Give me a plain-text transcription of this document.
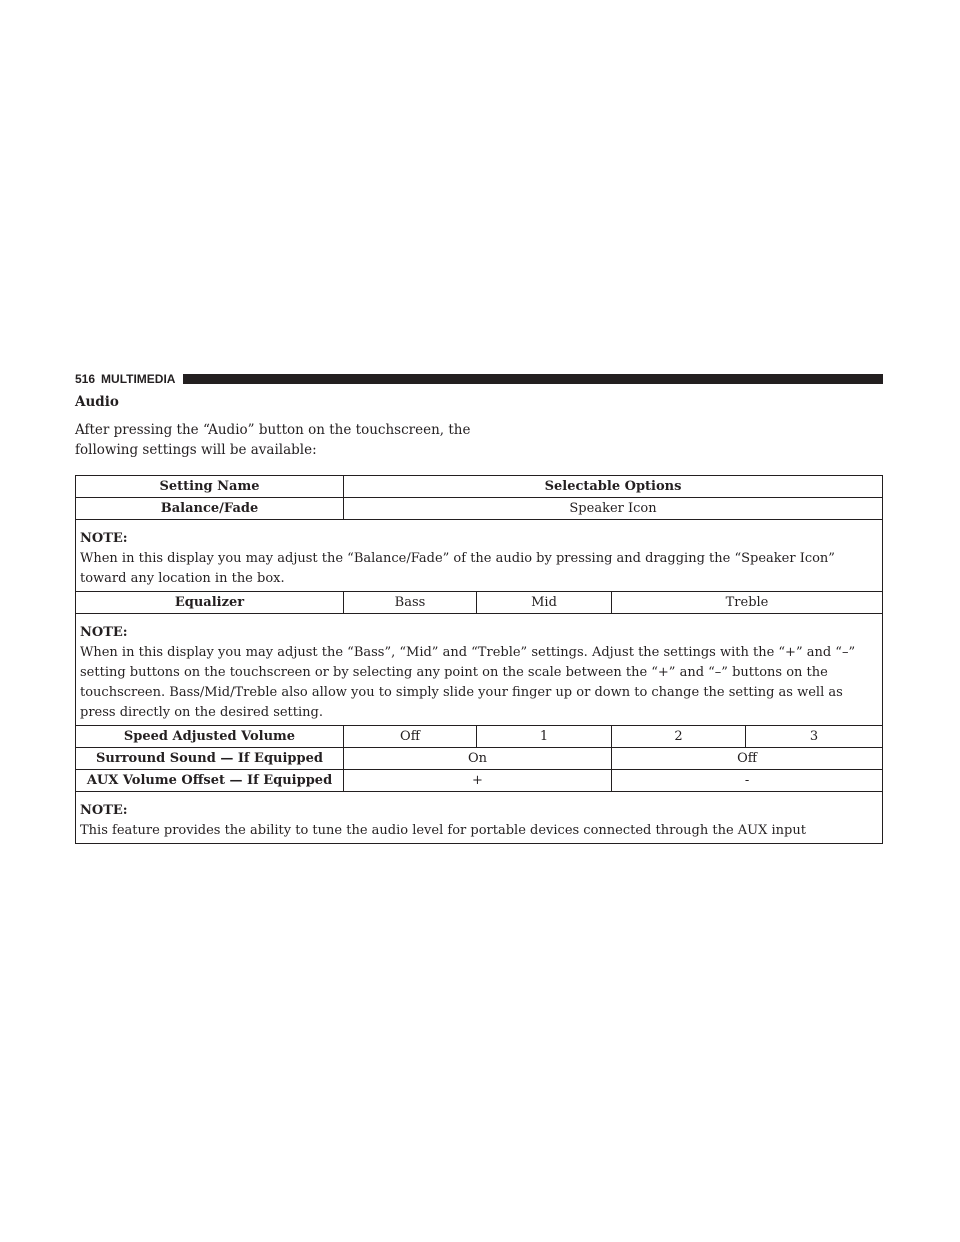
516 MULTIMEDIA
Audio
After pressing the “Audio” button on the touchscreen, the following settings will be available:
Setting Name	Selectable Options			
Balance/Fade	Speaker Icon			

NOTE:
When in this display you may adjust the “Balance/Fade” of the audio by pressing and dragging the “Speaker Icon” toward any location in the box.				
Equalizer	Bass	Mid	Treble	

NOTE:
When in this display you may adjust the “Bass”, “Mid” and “Treble” settings. Adjust the settings with the “+” and “–” setting buttons on the touchscreen or by selecting any point on the scale between the “+” and “–” buttons on the touchscreen. Bass/Mid/Treble also allow you to simply slide your finger up or down to change the setting as well as press directly on the desired setting.				
Speed Adjusted Volume	Off	1	2	3
Surround Sound — If Equipped	On		Off	
AUX Volume Offset — If Equipped	+		-	

NOTE:
This feature provides the ability to tune the audio level for portable devices connected through the AUX input				
